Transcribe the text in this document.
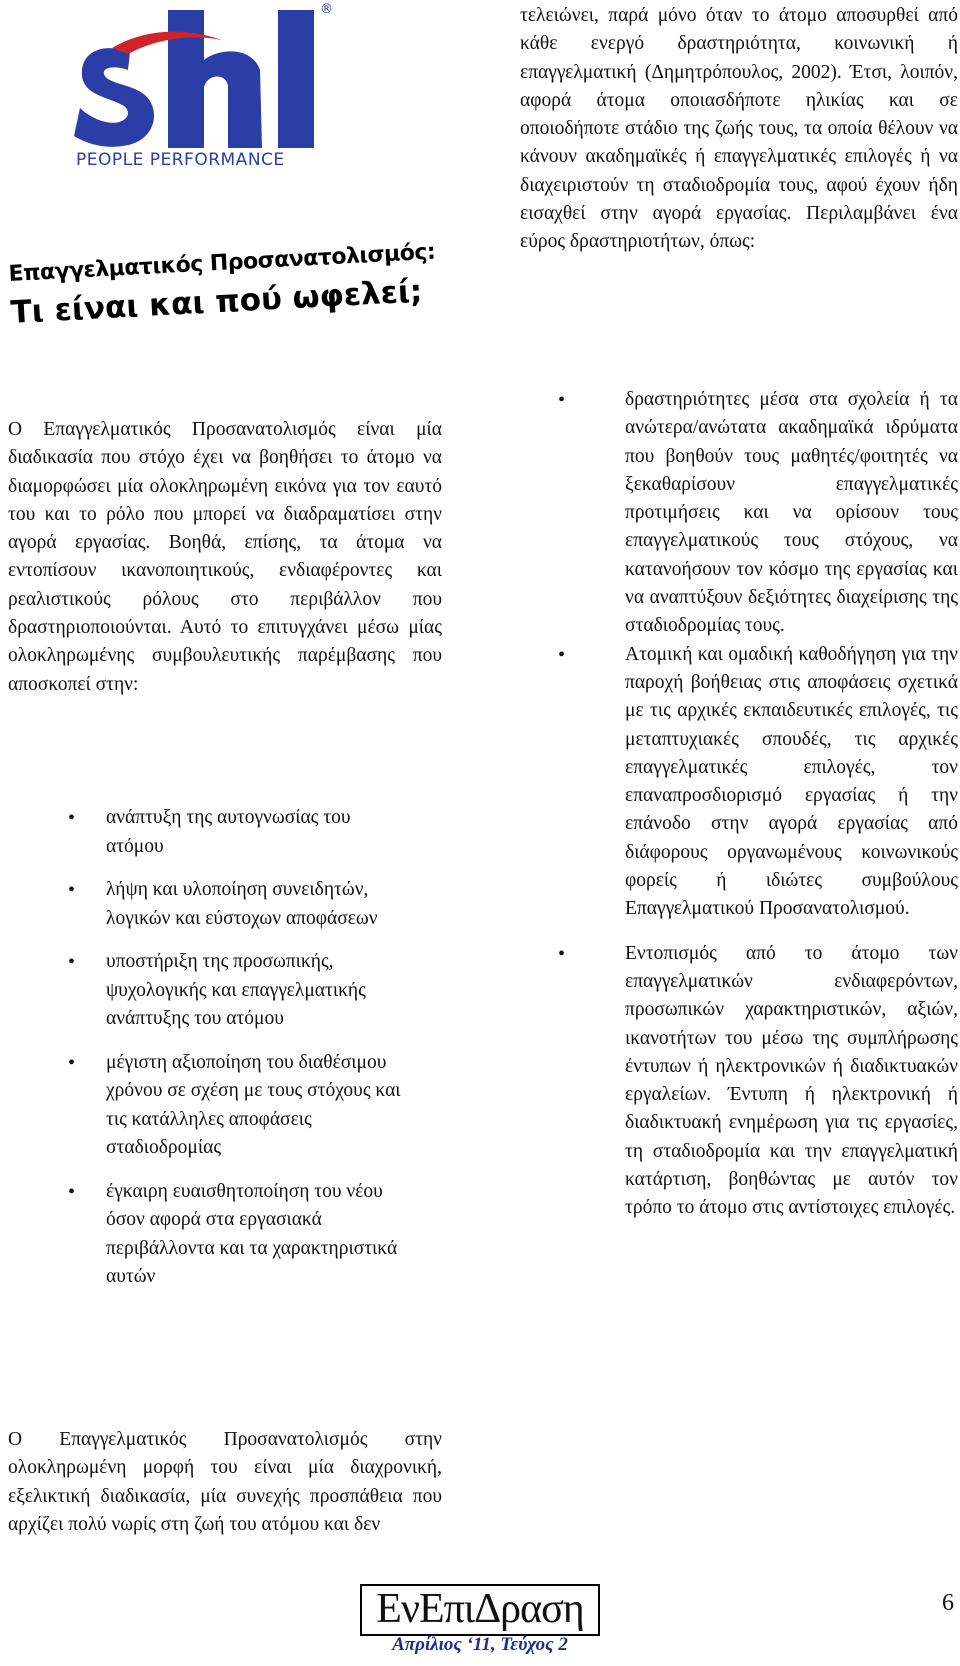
®
PEOPLE PERFORMANCE
Επαγγελματικός Προσανατολισμός:
Τι είναι και πού ωφελεί;

Ο Επαγγελματικός Προσανατολισμός είναι μία διαδικασία που στόχο έχει να βοηθήσει το άτομο να διαμορφώσει μία ολοκληρωμένη εικόνα για τον εαυτό του και το ρόλο που μπορεί να διαδραματίσει στην αγορά εργασίας. Βοηθά, επίσης, τα άτομα να εντοπίσουν ικανοποιητικούς, ενδιαφέροντες και ρεαλιστικούς ρόλους στο περιβάλλον που δραστηριοποιούνται. Αυτό το επιτυγχάνει μέσω μίας ολοκληρωμένης συμβουλευτικής παρέμβασης που αποσκοπεί στην:

• ανάπτυξη της αυτογνωσίας του ατόμου
• λήψη και υλοποίηση συνειδητών, λογικών και εύστοχων αποφάσεων
• υποστήριξη της προσωπικής, ψυχολογικής και επαγγελματικής ανάπτυξης του ατόμου
• μέγιστη αξιοποίηση του διαθέσιμου χρόνου σε σχέση με τους στόχους και τις κατάλληλες αποφάσεις σταδιοδρομίας
• έγκαιρη ευαισθητοποίηση του νέου όσον αφορά στα εργασιακά περιβάλλοντα και τα χαρακτηριστικά αυτών

Ο Επαγγελματικός Προσανατολισμός στην ολοκληρωμένη μορφή του είναι μία διαχρονική, εξελικτική διαδικασία, μία συνεχής προσπάθεια που αρχίζει πολύ νωρίς στη ζωή του ατόμου και δεν

τελειώνει, παρά μόνο όταν το άτομο αποσυρθεί από κάθε ενεργό δραστηριότητα, κοινωνική ή επαγγελματική (Δημητρόπουλος, 2002). Έτσι, λοιπόν, αφορά άτομα οποιασδήποτε ηλικίας και σε οποιοδήποτε στάδιο της ζωής τους, τα οποία θέλουν να κάνουν ακαδημαϊκές ή επαγγελματικές επιλογές ή να διαχειριστούν τη σταδιοδρομία τους, αφού έχουν ήδη εισαχθεί στην αγορά εργασίας. Περιλαμβάνει ένα εύρος δραστηριοτήτων, όπως:

• δραστηριότητες μέσα στα σχολεία ή τα ανώτερα/ανώτατα ακαδημαϊκά ιδρύματα που βοηθούν τους μαθητές/φοιτητές να ξεκαθαρίσουν επαγγελματικές προτιμήσεις και να ορίσουν τους επαγγελματικούς τους στόχους, να κατανοήσουν τον κόσμο της εργασίας και να αναπτύξουν δεξιότητες διαχείρισης της σταδιοδρομίας τους.
• Ατομική και ομαδική καθοδήγηση για την παροχή βοήθειας στις αποφάσεις σχετικά με τις αρχικές εκπαιδευτικές επιλογές, τις μεταπτυχιακές σπουδές, τις αρχικές επαγγελματικές επιλογές, τον επαναπροσδιορισμό εργασίας ή την επάνοδο στην αγορά εργασίας από διάφορους οργανωμένους κοινωνικούς φορείς ή ιδιώτες συμβούλους Επαγγελματικού Προσανατολισμού.
• Εντοπισμός από το άτομο των επαγγελματικών ενδιαφερόντων, προσωπικών χαρακτηριστικών, αξιών, ικανοτήτων του μέσω της συμπλήρωσης έντυπων ή ηλεκτρονικών ή διαδικτυακών εργαλείων. Έντυπη ή ηλεκτρονική ή διαδικτυακή ενημέρωση για τις εργασίες, τη σταδιοδρομία και την επαγγελματική κατάρτιση, βοηθώντας με αυτόν τον τρόπο το άτομο στις αντίστοιχες επιλογές.
ΕνΕπιΔραση
Απρίλιος ‘11, Τεύχος 2
6
